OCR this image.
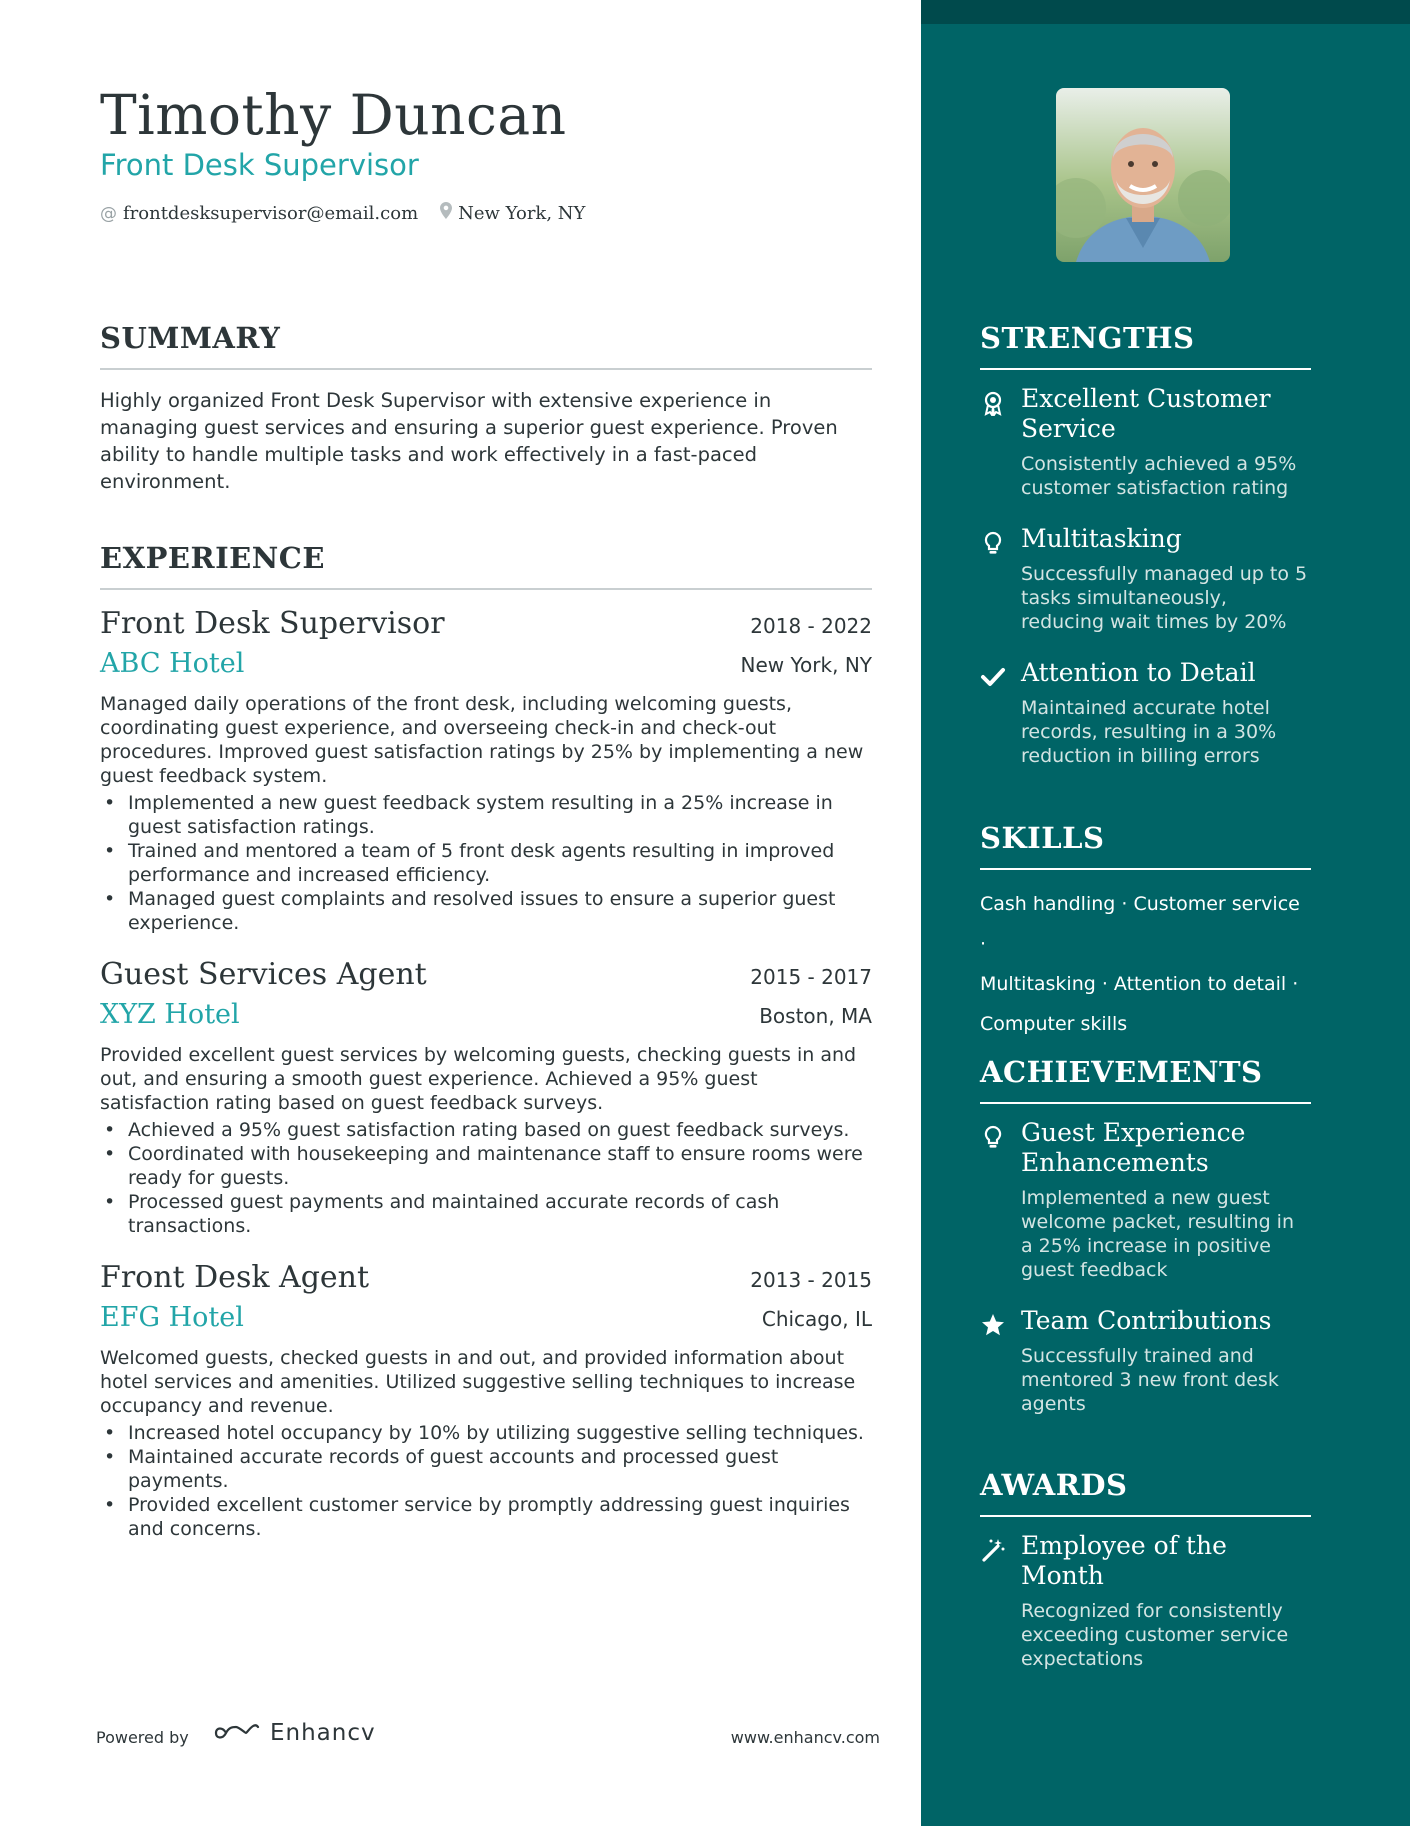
Timothy Duncan
Front Desk Supervisor
@ frontdesksupervisor@email.com New York, NY
SUMMARY

Highly organized Front Desk Supervisor with extensive experience in managing guest services and ensuring a superior guest experience. Proven ability to handle multiple tasks and work effectively in a fast-paced environment.

EXPERIENCE
Front Desk Supervisor	2018 - 2022
ABC Hotel	New York, NY

Managed daily operations of the front desk, including welcoming guests, coordinating guest experience, and overseeing check-in and check-out procedures. Improved guest satisfaction ratings by 25% by implementing a new guest feedback system.

• Implemented a new guest feedback system resulting in a 25% increase in guest satisfaction ratings.
• Trained and mentored a team of 5 front desk agents resulting in improved performance and increased efficiency.
• Managed guest complaints and resolved issues to ensure a superior guest experience.
Guest Services Agent	2015 - 2017
XYZ Hotel	Boston, MA

Provided excellent guest services by welcoming guests, checking guests in and out, and ensuring a smooth guest experience. Achieved a 95% guest satisfaction rating based on guest feedback surveys.

• Achieved a 95% guest satisfaction rating based on guest feedback surveys.
• Coordinated with housekeeping and maintenance staff to ensure rooms were ready for guests.
• Processed guest payments and maintained accurate records of cash transactions.
Front Desk Agent	2013 - 2015
EFG Hotel	Chicago, IL

Welcomed guests, checked guests in and out, and provided information about hotel services and amenities. Utilized suggestive selling techniques to increase occupancy and revenue.

• Increased hotel occupancy by 10% by utilizing suggestive selling techniques.
• Maintained accurate records of guest accounts and processed guest payments.
• Provided excellent customer service by promptly addressing guest inquiries and concerns.
Powered by	Enhancv	www.enhancv.com
STRENGTHS
Excellent Customer Service
Consistently achieved a 95% customer satisfaction rating
Multitasking
Successfully managed up to 5 tasks simultaneously, reducing wait times by 20%
Attention to Detail
Maintained accurate hotel records, resulting in a 30% reduction in billing errors
SKILLS
Cash handling · Customer service ·
Multitasking · Attention to detail ·
Computer skills
ACHIEVEMENTS
Guest Experience Enhancements
Implemented a new guest welcome packet, resulting in a 25% increase in positive guest feedback
Team Contributions
Successfully trained and mentored 3 new front desk agents
AWARDS
Employee of the Month
Recognized for consistently exceeding customer service expectations
